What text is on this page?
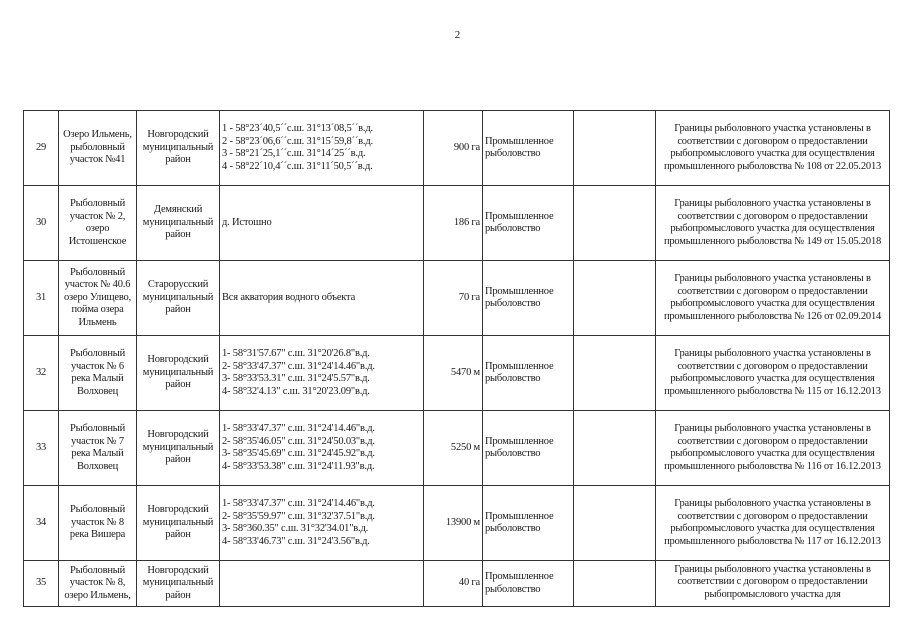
2
29	Озеро Ильмень, рыболовный участок №41	Новгородский муниципальный район	1 - 58°23´40,5´´с.ш. 31°13´08,5´´в.д.
2 - 58°23´06,6´´с.ш. 31°15´59,8´´в.д.
3 - 58°21´25,1´´с.ш. 31°14´25´´в.д.
4 - 58°22´10,4´´с.ш. 31°11´50,5´´в.д.	900 га	Промышленное рыболовство		Границы рыболовного участка установлены в соответствии с договором о предоставлении рыбопромыслового участка для осуществления промышленного рыболовства № 108 от 22.05.2013
30	Рыболовный участок № 2, озеро Истошенское	Демянский муниципальный район	д. Истошно	186 га	Промышленное рыболовство		Границы рыболовного участка установлены в соответствии с договором о предоставлении рыбопромыслового участка для осуществления промышленного рыболовства № 149 от 15.05.2018
31	Рыболовный участок № 40.6 озеро Улищево, пойма озера Ильмень	Старорусский муниципальный район	Вся акватория водного объекта	70 га	Промышленное рыболовство		Границы рыболовного участка установлены в соответствии с договором о предоставлении рыбопромыслового участка для осуществления промышленного рыболовства № 126 от 02.09.2014
32	Рыболовный участок № 6 река Малый Волховец	Новгородский муниципальный район	1- 58°31'57.67" с.ш. 31°20'26.8"в.д.
2- 58°33'47.37" с.ш. 31°24'14.46"в.д.
3- 58°33'53.31" с.ш. 31°24'5.57"в.д.
4- 58°32'4.13" с.ш. 31°20'23.09"в.д.	5470 м	Промышленное рыболовство		Границы рыболовного участка установлены в соответствии с договором о предоставлении рыбопромыслового участка для осуществления промышленного рыболовства № 115 от 16.12.2013
33	Рыболовный участок № 7 река Малый Волховец	Новгородский муниципальный район	1- 58°33'47.37" с.ш. 31°24'14.46"в.д.
2- 58°35'46.05" с.ш. 31°24'50.03"в.д.
3- 58°35'45.69" с.ш. 31°24'45.92"в.д.
4- 58°33'53.38" с.ш. 31°24'11.93"в.д.	5250 м	Промышленное рыболовство		Границы рыболовного участка установлены в соответствии с договором о предоставлении рыбопромыслового участка для осуществления промышленного рыболовства № 116 от 16.12.2013
34	Рыболовный участок № 8 река Вишера	Новгородский муниципальный район	1- 58°33'47.37" с.ш. 31°24'14.46"в.д.
2- 58°35'59.97" с.ш. 31°32'37.51"в.д.
3- 58°360.35" с.ш. 31°32'34.01"в.д.
4- 58°33'46.73" с.ш. 31°24'3.56"в.д.	13900 м	Промышленное рыболовство		Границы рыболовного участка установлены в соответствии с договором о предоставлении рыбопромыслового участка для осуществления промышленного рыболовства № 117 от 16.12.2013
35	Рыболовный участок № 8, озеро Ильмень,	Новгородский муниципальный район		40 га	Промышленное рыболовство		Границы рыболовного участка установлены в соответствии с договором о предоставлении рыбопромыслового участка для
